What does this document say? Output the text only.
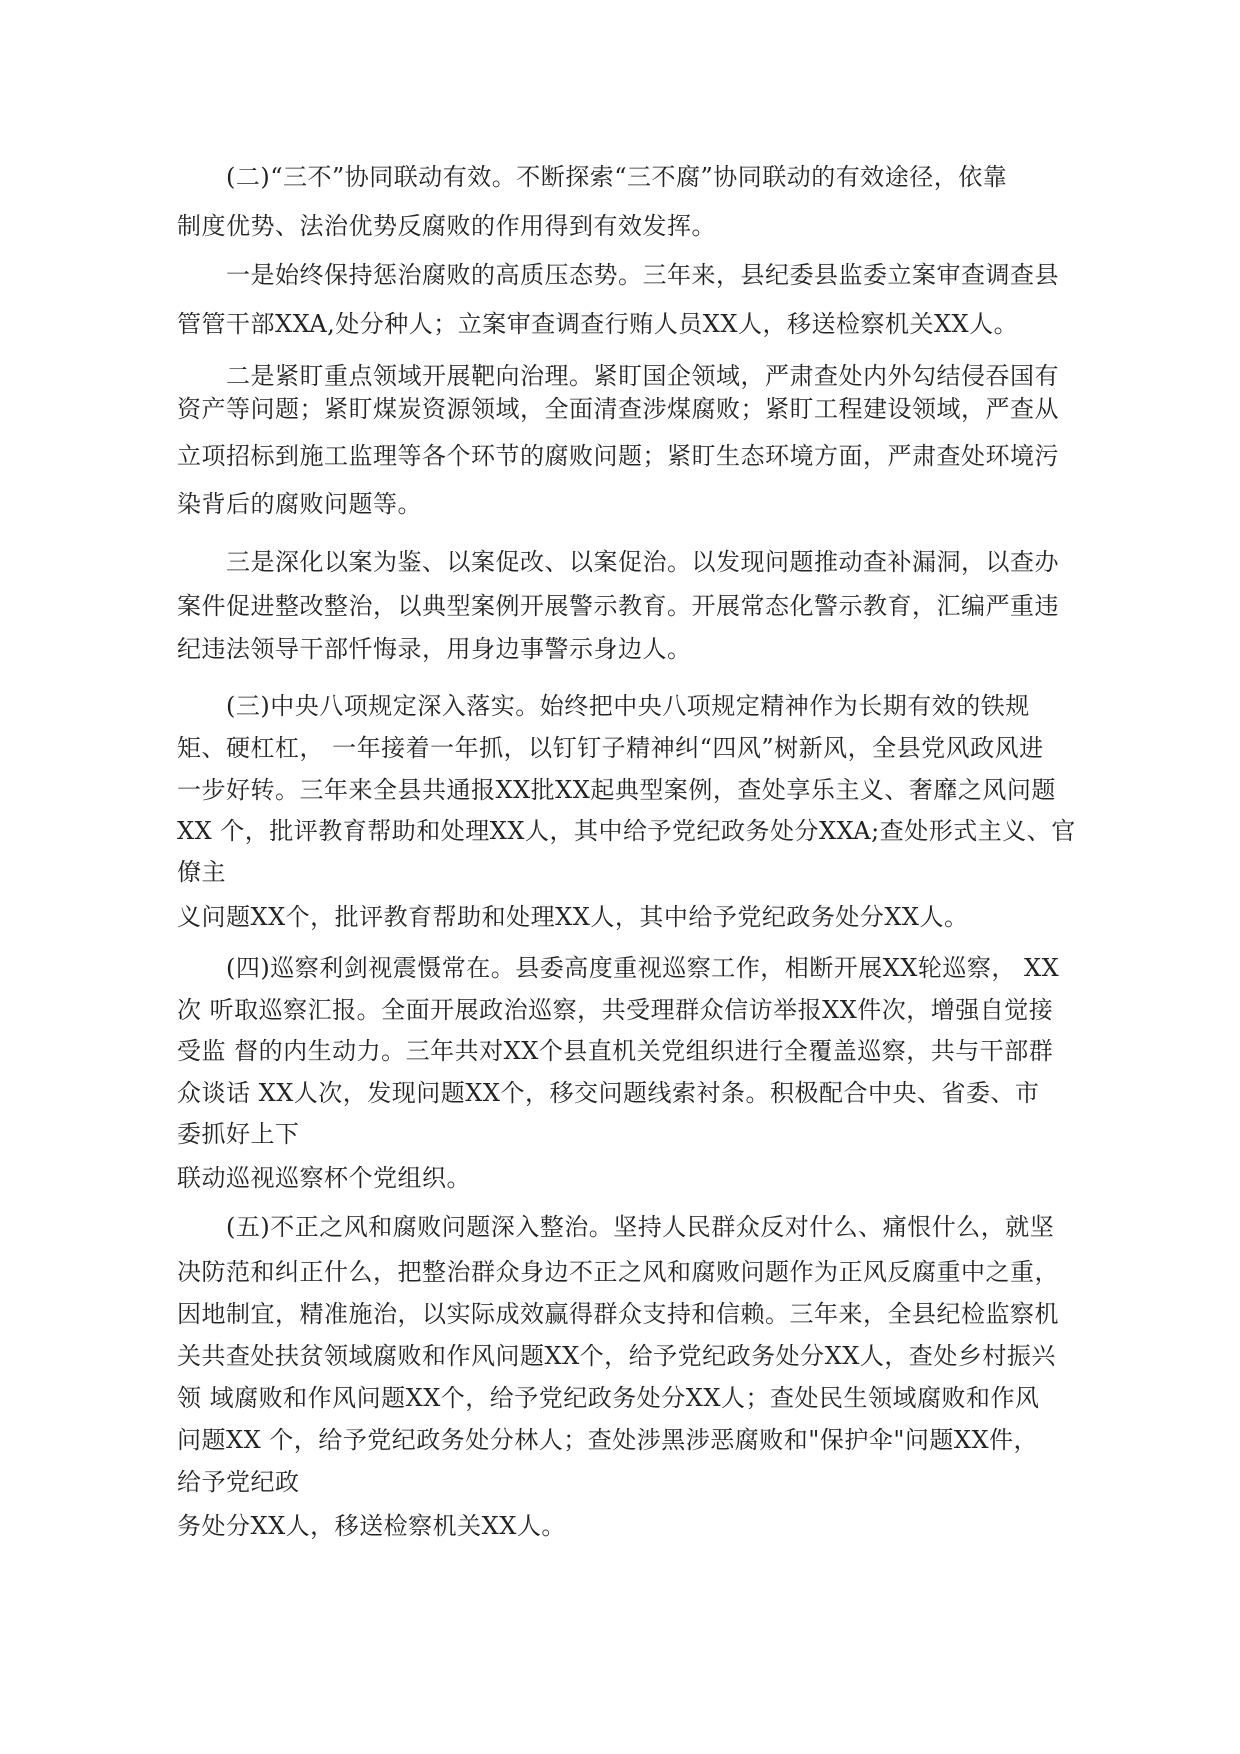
(二)“三不”协同联动有效。不断探索“三不腐”协同联动的有效途径，依靠
制度优势、法治优势反腐败的作用得到有效发挥。
一是始终保持惩治腐败的高质压态势。三年来，县纪委县监委立案审查调查县
管管干部XXA,处分种人；立案审查调查行贿人员XX人，移送检察机关XX人。
二是紧盯重点领域开展靶向治理。紧盯国企领域，严肃查处内外勾结侵吞国有
资产等问题；紧盯煤炭资源领域，全面清查涉煤腐败；紧盯工程建设领域，严查从
立项招标到施工监理等各个环节的腐败问题；紧盯生态环境方面，严肃查处环境污
染背后的腐败问题等。
三是深化以案为鉴、以案促改、以案促治。以发现问题推动查补漏洞，以查办
案件促进整改整治，以典型案例开展警示教育。开展常态化警示教育，汇编严重违
纪违法领导干部忏悔录，用身边事警示身边人。
(三)中央八项规定深入落实。始终把中央八项规定精神作为长期有效的铁规
矩、硬杠杠， 一年接着一年抓，以钉钉子精神纠“四风”树新风，全县党风政风进
一步好转。三年来全县共通报XX批XX起典型案例，查处享乐主义、奢靡之风问题
XX 个，批评教育帮助和处理XX人，其中给予党纪政务处分XXA;查处形式主义、官
僚主
义问题XX个，批评教育帮助和处理XX人，其中给予党纪政务处分XX人。
(四)巡察利剑视震慑常在。县委高度重视巡察工作，相断开展XX轮巡察， XX
次 听取巡察汇报。全面开展政治巡察，共受理群众信访举报XX件次，增强自觉接
受监 督的内生动力。三年共对XX个县直机关党组织进行全覆盖巡察，共与干部群
众谈话 XX人次，发现问题XX个，移交问题线索衬条。积极配合中央、省委、市
委抓好上下
联动巡视巡察杯个党组织。
(五)不正之风和腐败问题深入整治。坚持人民群众反对什么、痛恨什么，就坚
决防范和纠正什么，把整治群众身边不正之风和腐败问题作为正风反腐重中之重，
因地制宜，精准施治，以实际成效赢得群众支持和信赖。三年来，全县纪检监察机
关共查处扶贫领域腐败和作风问题XX个，给予党纪政务处分XX人，查处乡村振兴
领 域腐败和作风问题XX个，给予党纪政务处分XX人；查处民生领域腐败和作风
问题XX 个，给予党纪政务处分林人；查处涉黑涉恶腐败和"保护伞"问题XX件，
给予党纪政
务处分XX人，移送检察机关XX人。
